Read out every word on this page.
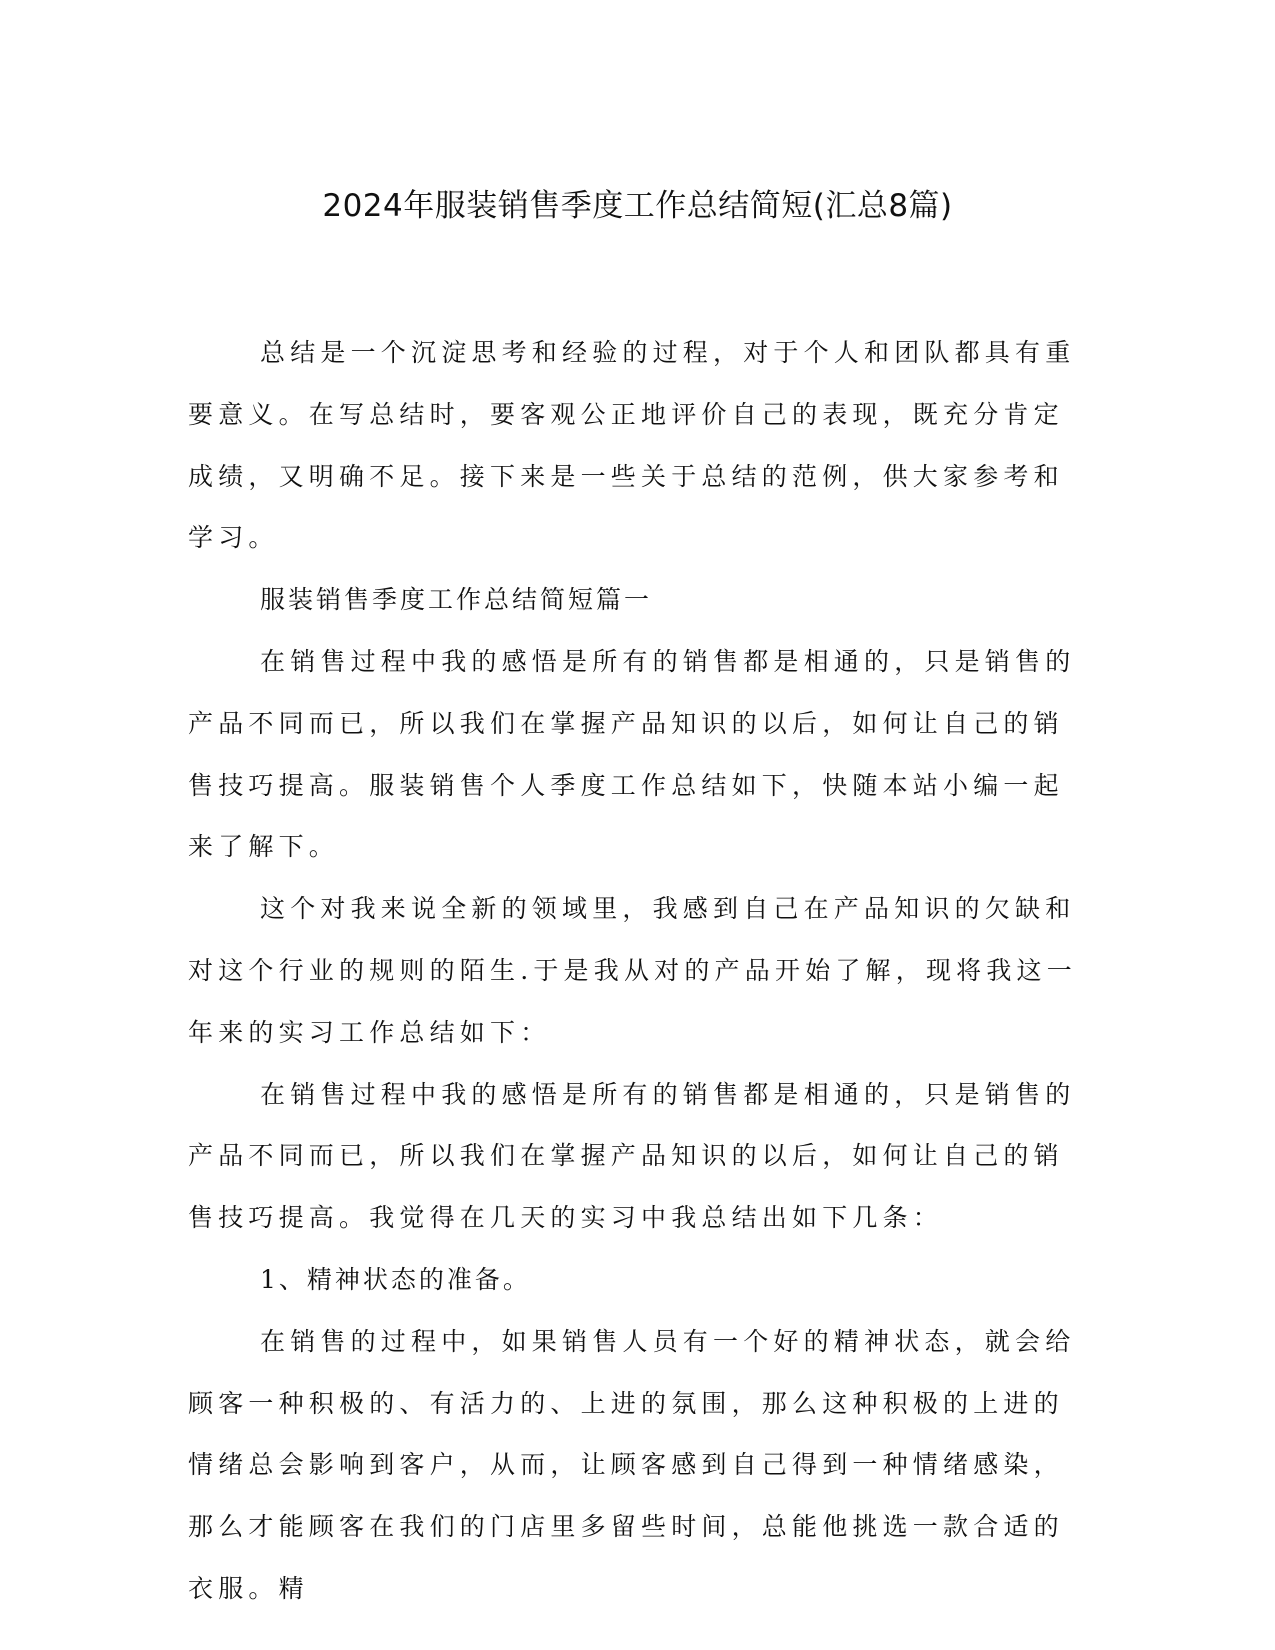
2024年服装销售季度工作总结简短(汇总8篇)

总结是一个沉淀思考和经验的过程，对于个人和团队都具有重要意义。在写总结时，要客观公正地评价自己的表现，既充分肯定成绩，又明确不足。接下来是一些关于总结的范例，供大家参考和学习。

服装销售季度工作总结简短篇一

在销售过程中我的感悟是所有的销售都是相通的，只是销售的产品不同而已，所以我们在掌握产品知识的以后，如何让自己的销售技巧提高。服装销售个人季度工作总结如下，快随本站小编一起来了解下。

这个对我来说全新的领域里，我感到自己在产品知识的欠缺和对这个行业的规则的陌生.于是我从对的产品开始了解，现将我这一年来的实习工作总结如下：

在销售过程中我的感悟是所有的销售都是相通的，只是销售的产品不同而已，所以我们在掌握产品知识的以后，如何让自己的销售技巧提高。我觉得在几天的实习中我总结出如下几条：

1、精神状态的准备。

在销售的过程中，如果销售人员有一个好的精神状态，就会给顾客一种积极的、有活力的、上进的氛围，那么这种积极的上进的情绪总会影响到客户，从而，让顾客感到自己得到一种情绪感染，那么才能顾客在我们的门店里多留些时间，总能他挑选一款合适的衣服。精
